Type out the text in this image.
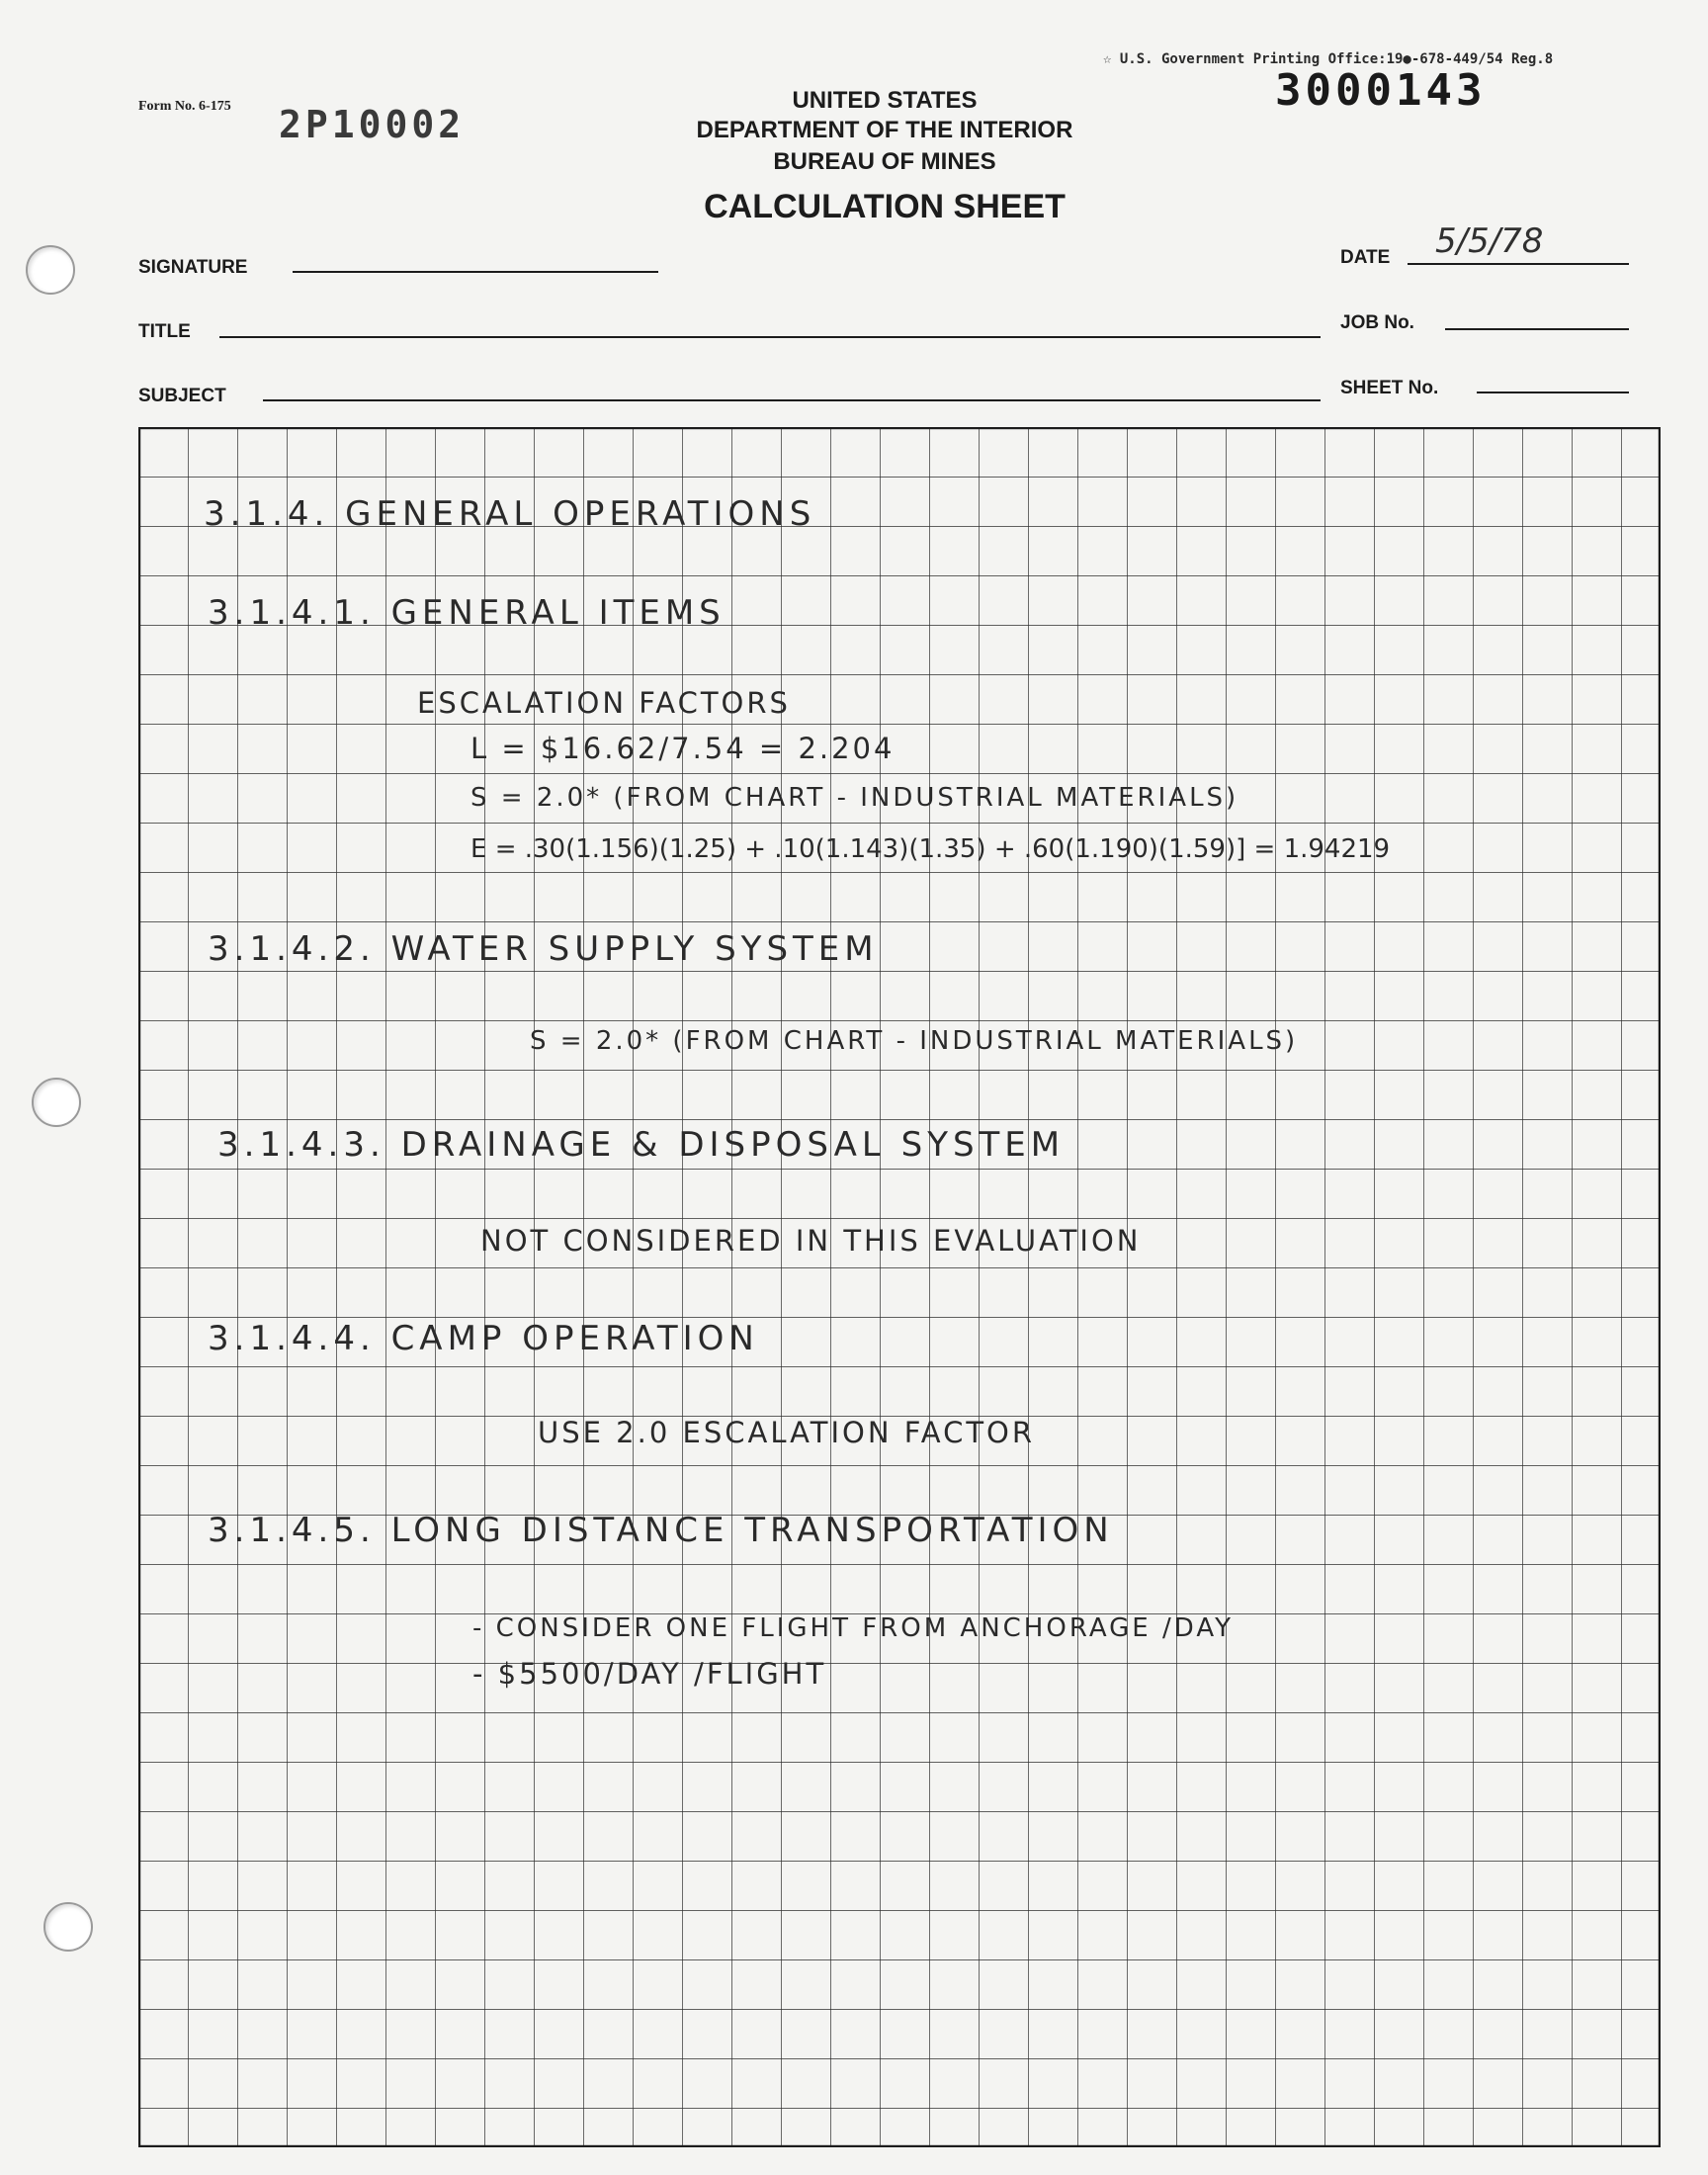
☆ U.S. Government Printing Office:19●-678-449/54 Reg.8
3000143
Form No. 6-175 2P10002
UNITED STATES
DEPARTMENT OF THE INTERIOR
BUREAU OF MINES
CALCULATION SHEET
SIGNATURE	DATE 5/5/78
TITLE	JOB No.
SUBJECT	SHEET No.
3.1.4. GENERAL OPERATIONS
3.1.4.1. GENERAL ITEMS
ESCALATION FACTORS
L = $16.62/7.54 = 2.204
S = 2.0* (FROM CHART - INDUSTRIAL MATERIALS)
E = .30(1.156)(1.25) + .10(1.143)(1.35) + .60(1.190)(1.59)] = 1.94219
3.1.4.2. WATER SUPPLY SYSTEM
S = 2.0* (FROM CHART - INDUSTRIAL MATERIALS)
3.1.4.3. DRAINAGE & DISPOSAL SYSTEM
NOT CONSIDERED IN THIS EVALUATION
3.1.4.4. CAMP OPERATION
USE 2.0 ESCALATION FACTOR
3.1.4.5. LONG DISTANCE TRANSPORTATION
- CONSIDER ONE FLIGHT FROM ANCHORAGE /DAY
- $5500/DAY /FLIGHT
